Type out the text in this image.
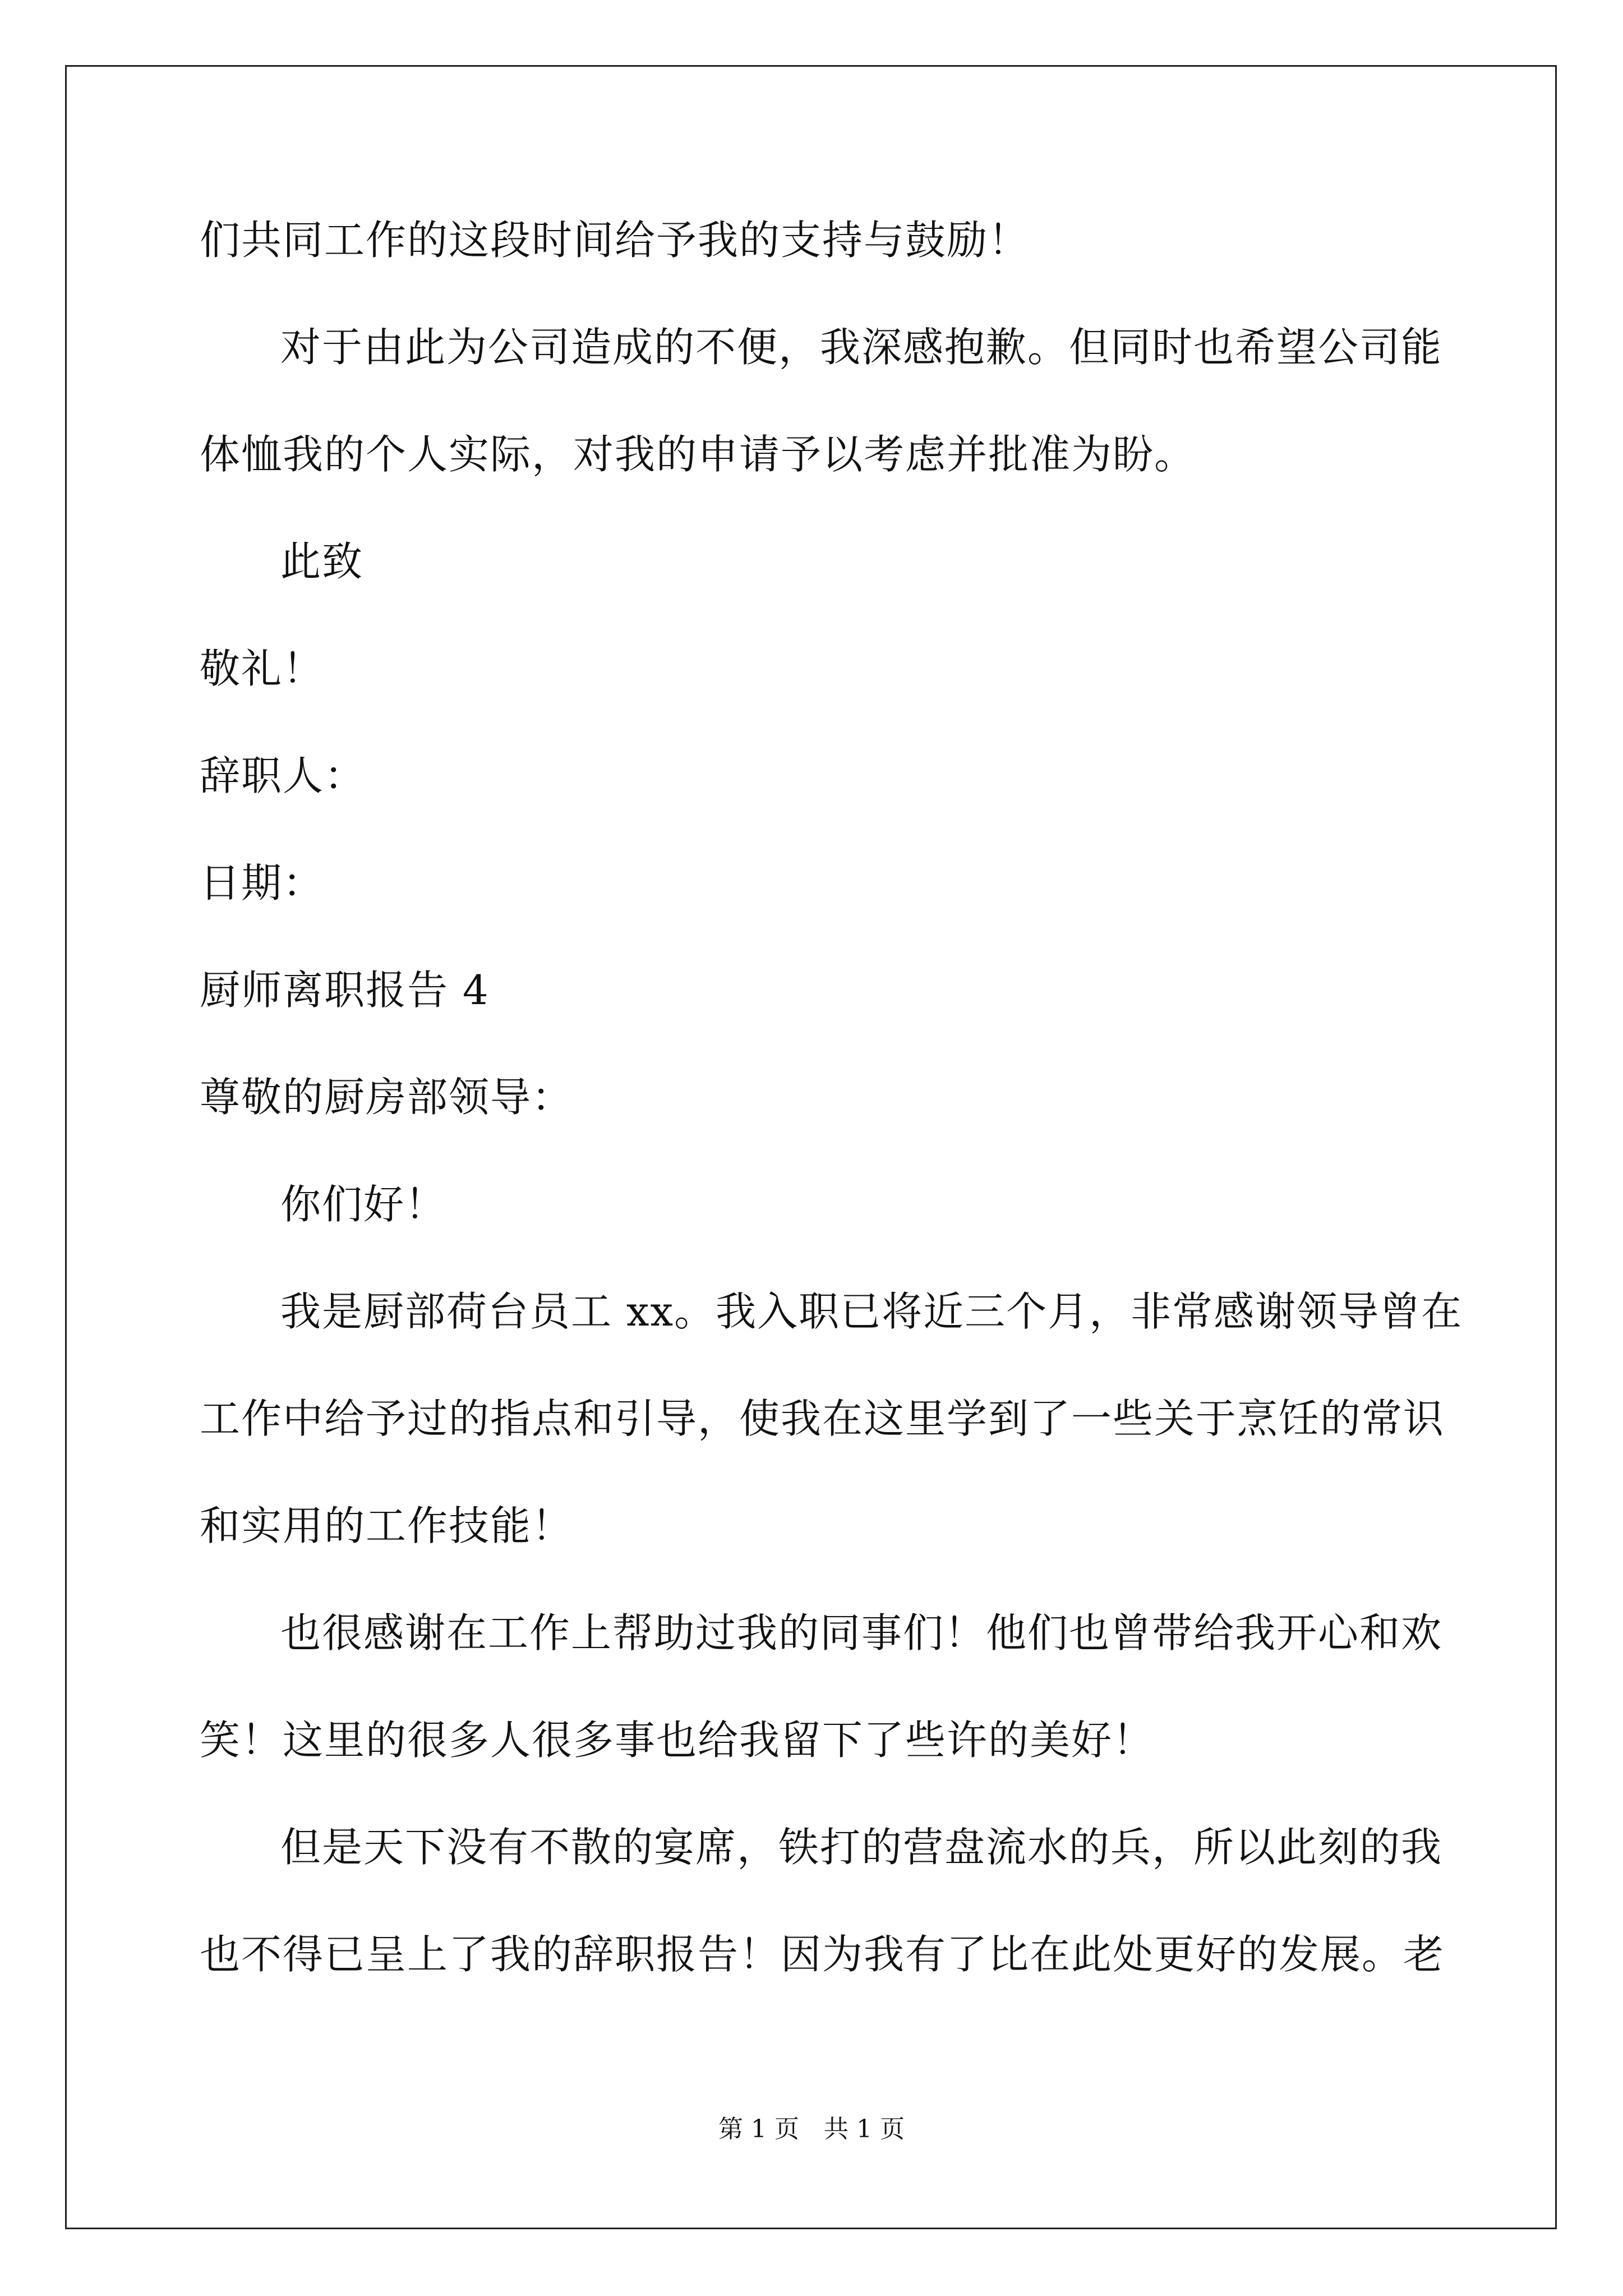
们共同工作的这段时间给予我的支持与鼓励！
对于由此为公司造成的不便，我深感抱歉。但同时也希望公司能
体恤我的个人实际，对我的申请予以考虑并批准为盼。
此致
敬礼！
辞职人：
日期：
厨师离职报告 4
尊敬的厨房部领导：
你们好！
我是厨部荷台员工 xx。我入职已将近三个月，非常感谢领导曾在
工作中给予过的指点和引导，使我在这里学到了一些关于烹饪的常识
和实用的工作技能！
也很感谢在工作上帮助过我的同事们！他们也曾带给我开心和欢
笑！这里的很多人很多事也给我留下了些许的美好！
但是天下没有不散的宴席，铁打的营盘流水的兵，所以此刻的我
也不得已呈上了我的辞职报告！因为我有了比在此处更好的发展。老
第 1 页　共 1 页
